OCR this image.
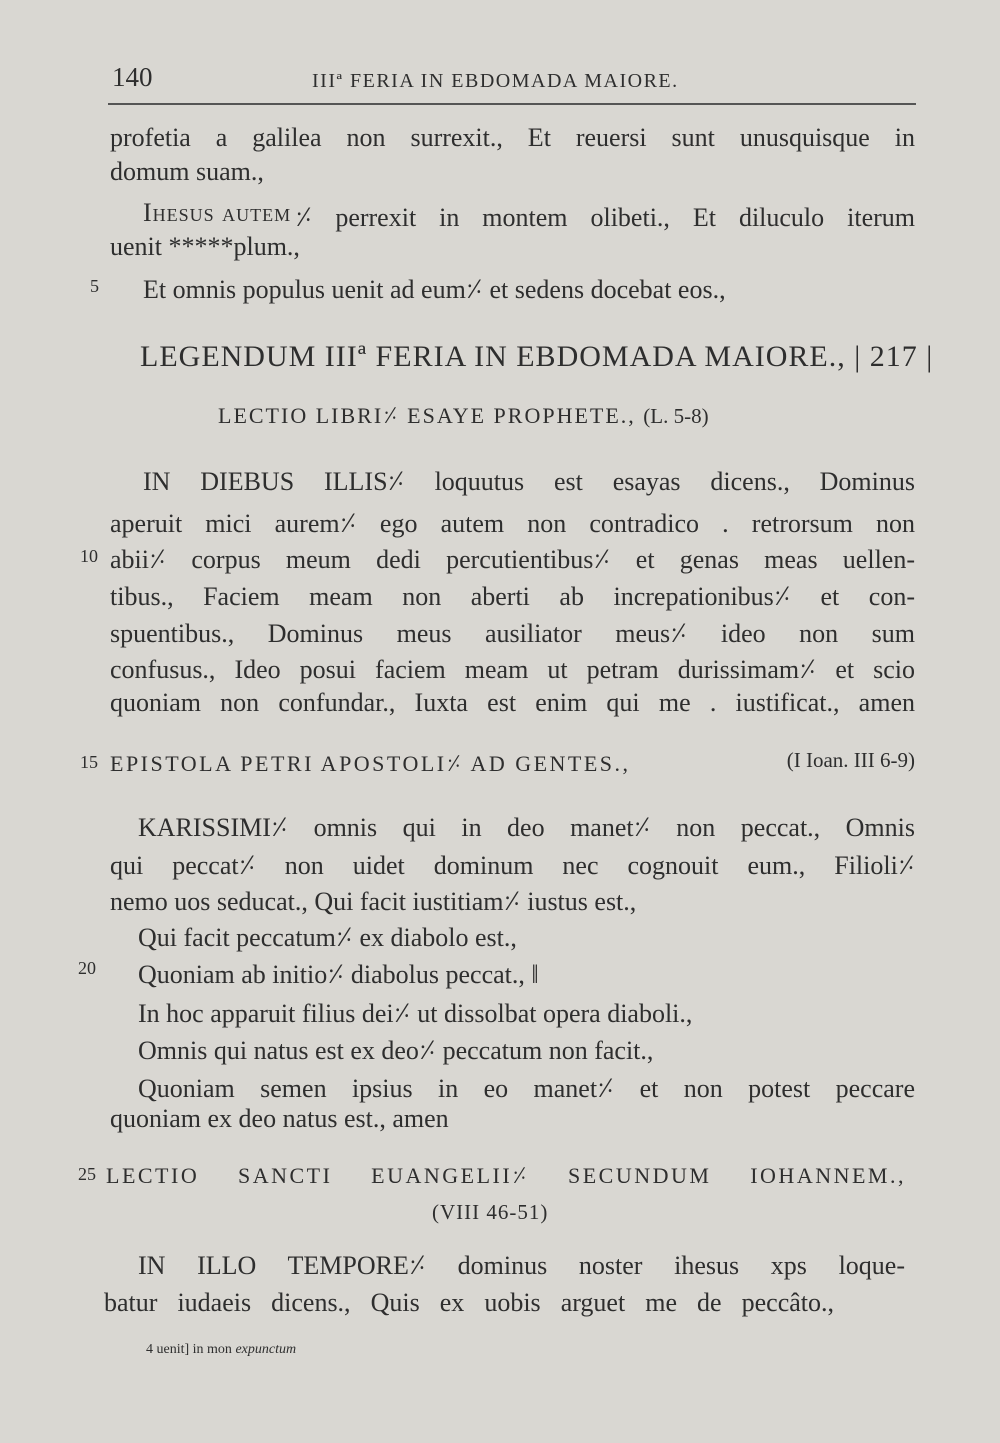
140	IIIª FERIA IN EBDOMADA MAIORE.
profetia a galilea non surrexit., Et reuersi sunt unusquisque in
domum suam.,
Ihesus autem ⸓ perrexit in montem olibeti., Et diluculo iterum
uenit *****plum.,
5 Et omnis populus uenit ad eum⸓ et sedens docebat eos.,
LEGENDUM IIIª FERIA IN EBDOMADA MAIORE., | 217 |
LECTIO LIBRI⸓ ESAYE PROPHETE., (L. 5-8)
IN DIEBUS ILLIS⸓ loquutus est esayas dicens., Dominus
aperuit mici aurem⸓ ego autem non contradico . retrorsum non
10 abii⸓ corpus meum dedi percutientibus⸓ et genas meas uellen-
tibus., Faciem meam non aberti ab increpationibus⸓ et con-
spuentibus., Dominus meus ausiliator meus⸓ ideo non sum
confusus., Ideo posui faciem meam ut petram durissimam⸓ et scio
quoniam non confundar., Iuxta est enim qui me . iustificat., amen
15 EPISTOLA PETRI APOSTOLI⸓ AD GENTES.,	(I Ioan. III 6-9)
KARISSIMI⸓ omnis qui in deo manet⸓ non peccat., Omnis
qui peccat⸓ non uidet dominum nec cognouit eum., Filioli⸓
nemo uos seducat., Qui facit iustitiam⸓ iustus est.,
Qui facit peccatum⸓ ex diabolo est.,
20 Quoniam ab initio⸓ diabolus peccat., ‖
In hoc apparuit filius dei⸓ ut dissolbat opera diaboli.,
Omnis qui natus est ex deo⸓ peccatum non facit.,
Quoniam semen ipsius in eo manet⸓ et non potest peccare
quoniam ex deo natus est., amen
25 LECTIO SANCTI EUANGELII⸓ SECUNDUM IOHANNEM.,
(VIII 46-51)
IN ILLO TEMPORE⸓ dominus noster ihesus xps loque-
batur iudaeis dicens., Quis ex uobis arguet me de peccâto.,
4 uenit] in mon expunctum
